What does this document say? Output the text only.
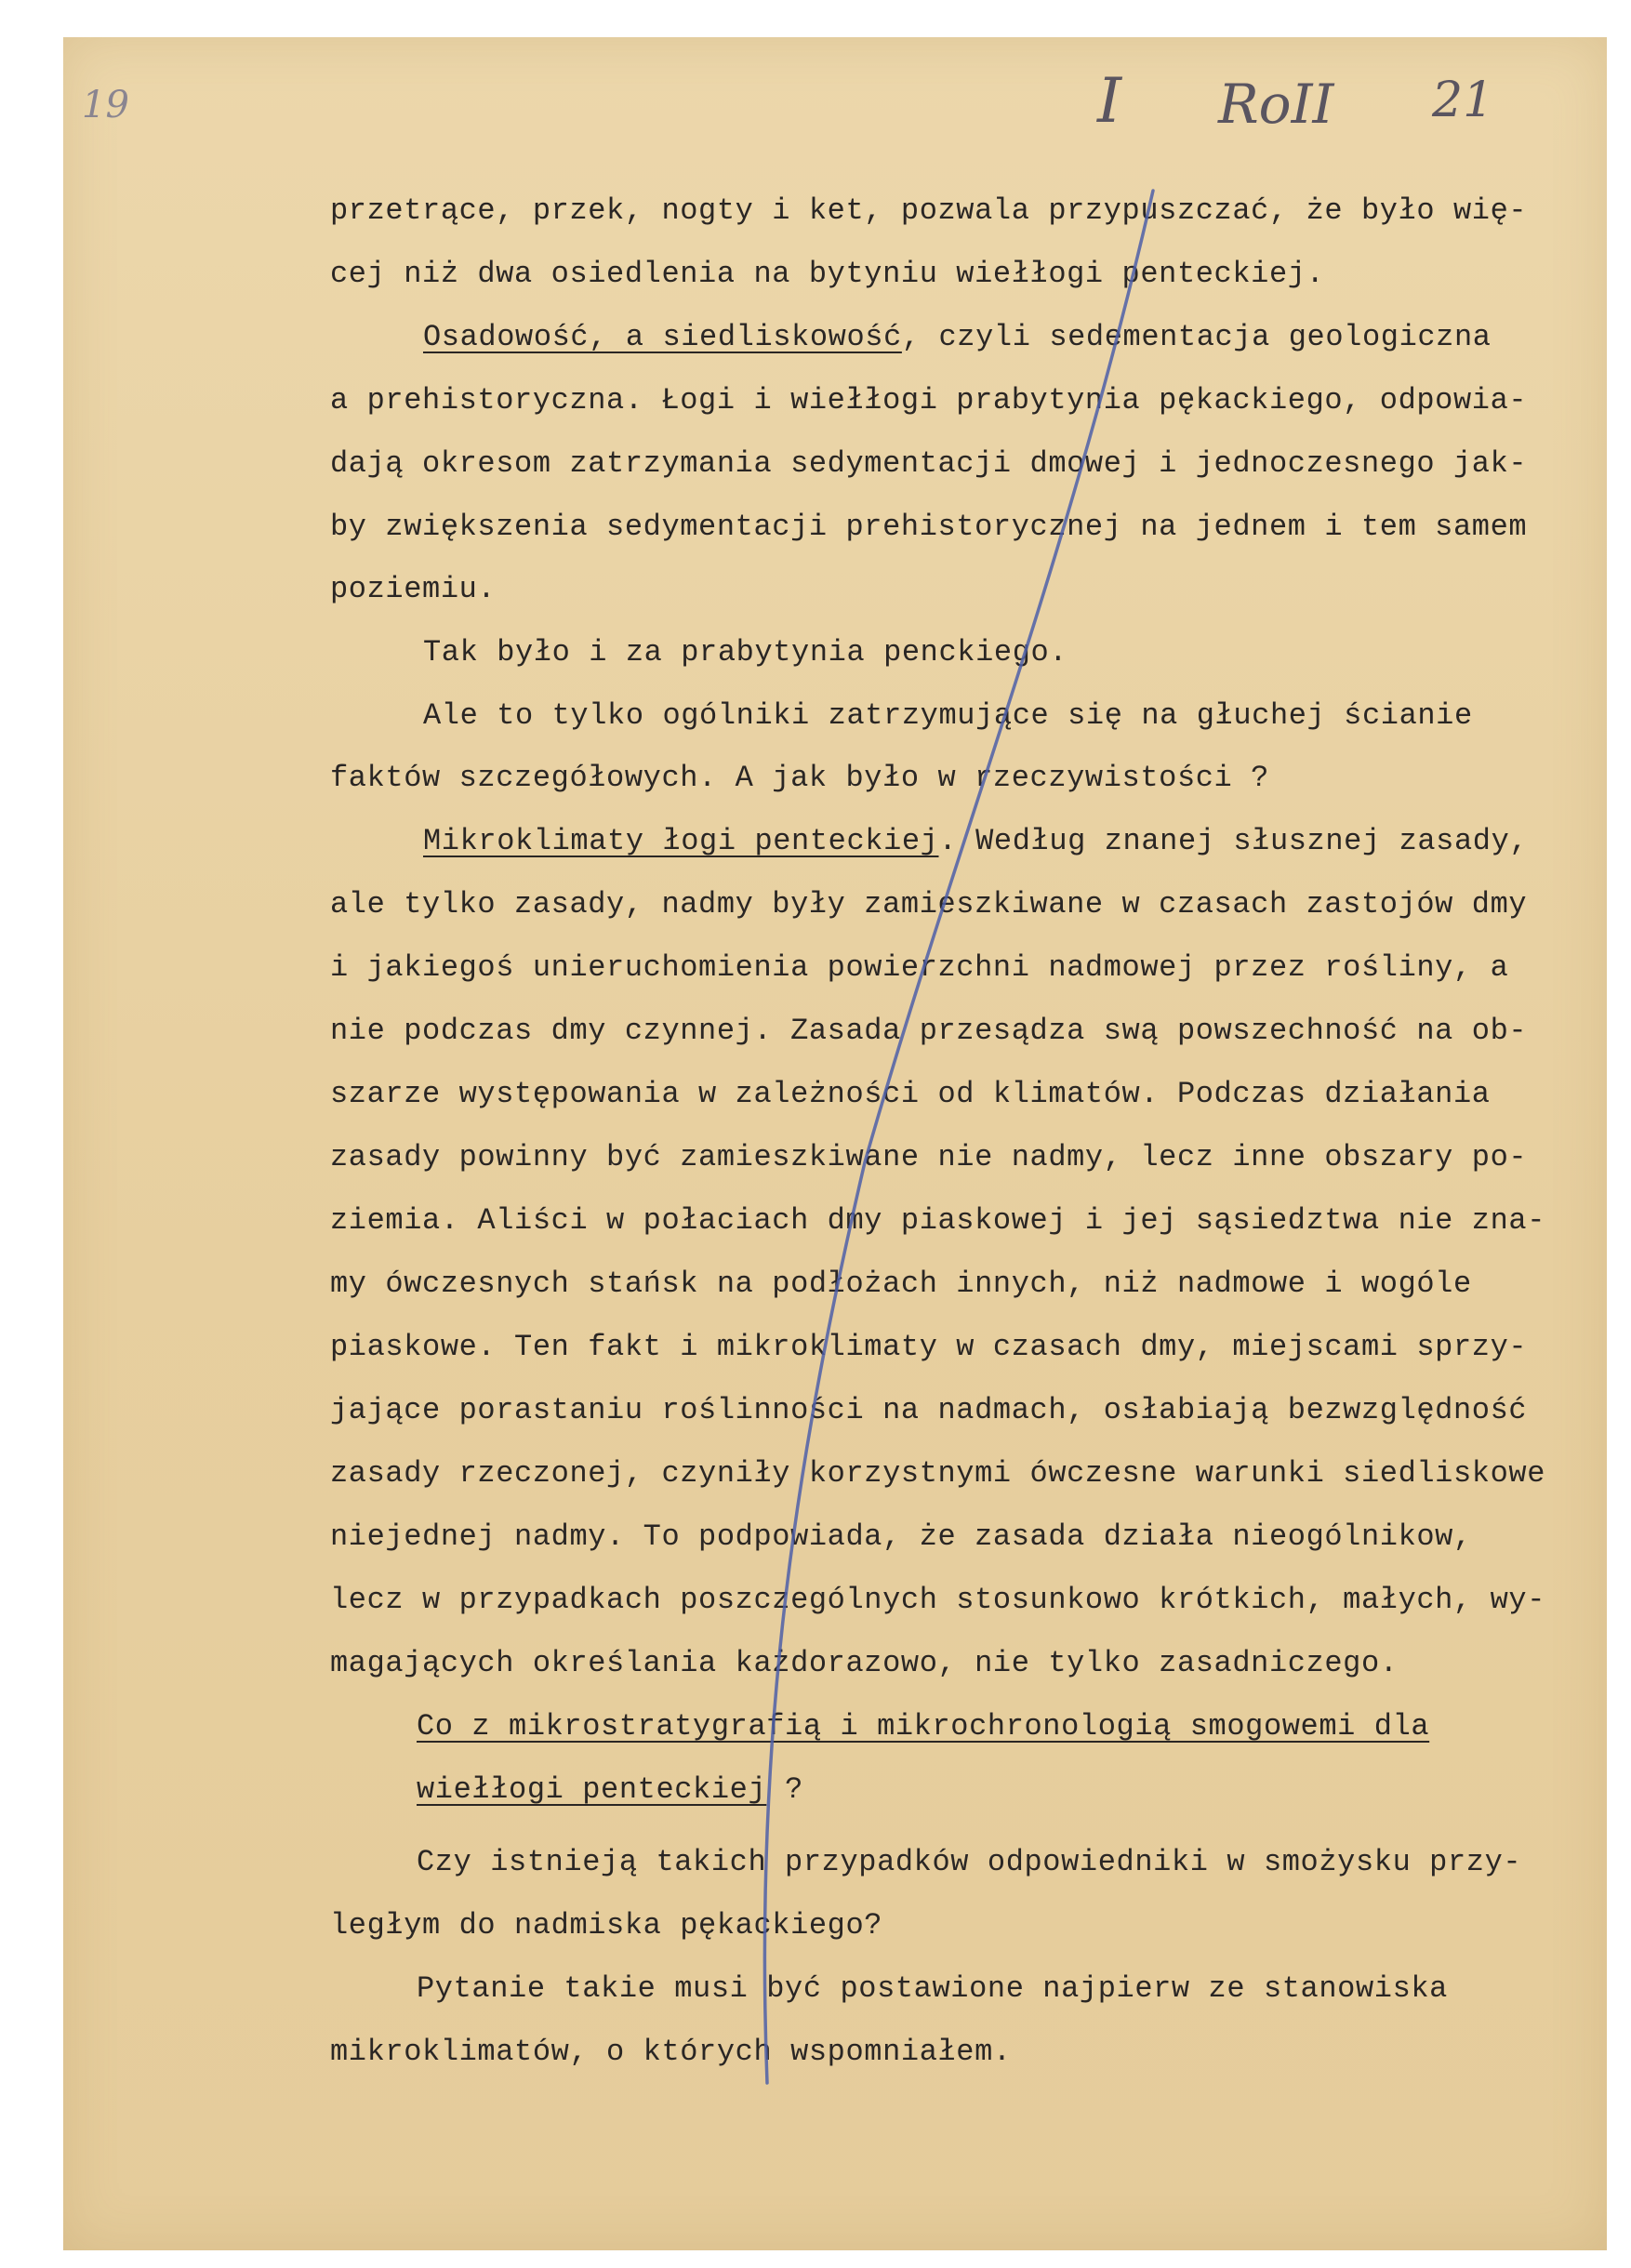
19	I RoII 21
przetrące, przek, nogty i ket, pozwala przypuszczać, że było wię-
cej niż dwa osiedlenia na bytyniu wiełłogi penteckiej.
Osadowość, a siedliskowość, czyli sedementacja geologiczna
a prehistoryczna. Łogi i wiełłogi prabytynia pękackiego, odpowia-
dają okresom zatrzymania sedymentacji dmowej i jednoczesnego jak-
by zwiększenia sedymentacji prehistorycznej na jednem i tem samem
poziemiu.
Tak było i za prabytynia penckiego.
Ale to tylko ogólniki zatrzymujące się na głuchej ścianie
faktów szczegółowych. A jak było w rzeczywistości ?
Mikroklimaty łogi penteckiej. Według znanej słusznej zasady,
ale tylko zasady, nadmy były zamieszkiwane w czasach zastojów dmy
i jakiegoś unieruchomienia powierzchni nadmowej przez rośliny, a
nie podczas dmy czynnej. Zasada przesądza swą powszechność na ob-
szarze występowania w zależności od klimatów. Podczas działania
zasady powinny być zamieszkiwane nie nadmy, lecz inne obszary po-
ziemia. Aliści w połaciach dmy piaskowej i jej sąsiedztwa nie zna-
my ówczesnych stańsk na podłożach innych, niż nadmowe i wogóle
piaskowe. Ten fakt i mikroklimaty w czasach dmy, miejscami sprzy-
jające porastaniu roślinności na nadmach, osłabiają bezwzględność
zasady rzeczonej, czyniły korzystnymi ówczesne warunki siedliskowe
niejednej nadmy. To podpowiada, że zasada działa nieogólnikow,
lecz w przypadkach poszczególnych stosunkowo krótkich, małych, wy-
magających określania każdorazowo, nie tylko zasadniczego.
Co z mikrostratygrafią i mikrochronologią smogowemi dla
wiełłogi penteckiej ?
Czy istnieją takich przypadków odpowiedniki w smożysku przy-
ległym do nadmiska pękackiego?
Pytanie takie musi być postawione najpierw ze stanowiska
mikroklimatów, o których wspomniałem.
